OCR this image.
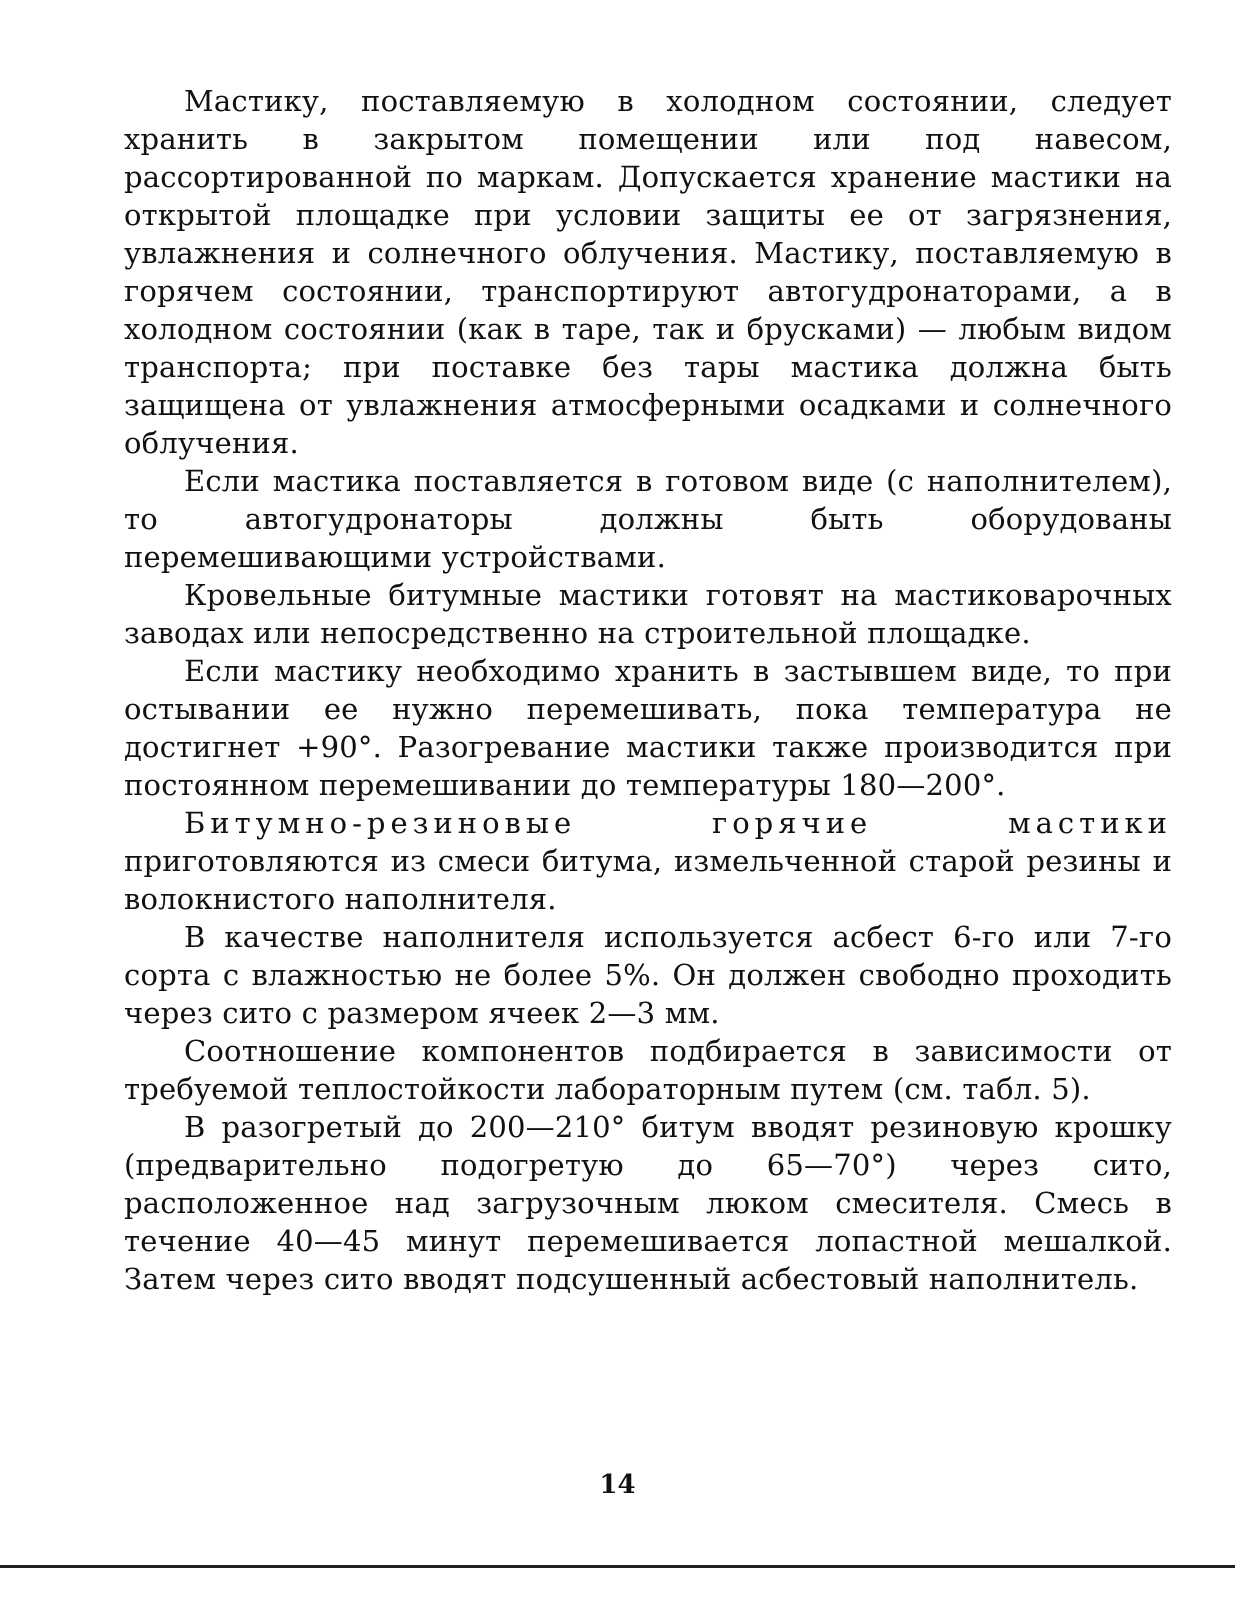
Мастику, поставляемую в холодном состоянии, следует хранить в закрытом помещении или под навесом, рассортированной по маркам. Допускается хранение мастики на открытой площадке при условии защиты ее от загрязнения, увлажнения и солнечного облучения. Мастику, поставляемую в горячем состоянии, транспортируют автогудронаторами, а в холодном состоянии (как в таре, так и брусками) — любым видом транспорта; при поставке без тары мастика должна быть защищена от увлажнения атмосферными осадками и солнечного облучения.

Если мастика поставляется в готовом виде (с наполнителем), то автогудронаторы должны быть оборудованы перемешивающими устройствами.

Кровельные битумные мастики готовят на мастиковарочных заводах или непосредственно на строительной площадке.

Если мастику необходимо хранить в застывшем виде, то при остывании ее нужно перемешивать, пока температура не достигнет +90°. Разогревание мастики также производится при постоянном перемешивании до температуры 180—200°.

Битумно-резиновые горячие мастики приготовляются из смеси битума, измельченной старой резины и волокнистого наполнителя.

В качестве наполнителя используется асбест 6-го или 7-го сорта с влажностью не более 5%. Он должен свободно проходить через сито с размером ячеек 2—3 мм.

Соотношение компонентов подбирается в зависимости от требуемой теплостойкости лабораторным путем (см. табл. 5).

В разогретый до 200—210° битум вводят резиновую крошку (предварительно подогретую до 65—70°) через сито, расположенное над загрузочным люком смесителя. Смесь в течение 40—45 минут перемешивается лопастной мешалкой. Затем через сито вводят подсушенный асбестовый наполнитель.

14
